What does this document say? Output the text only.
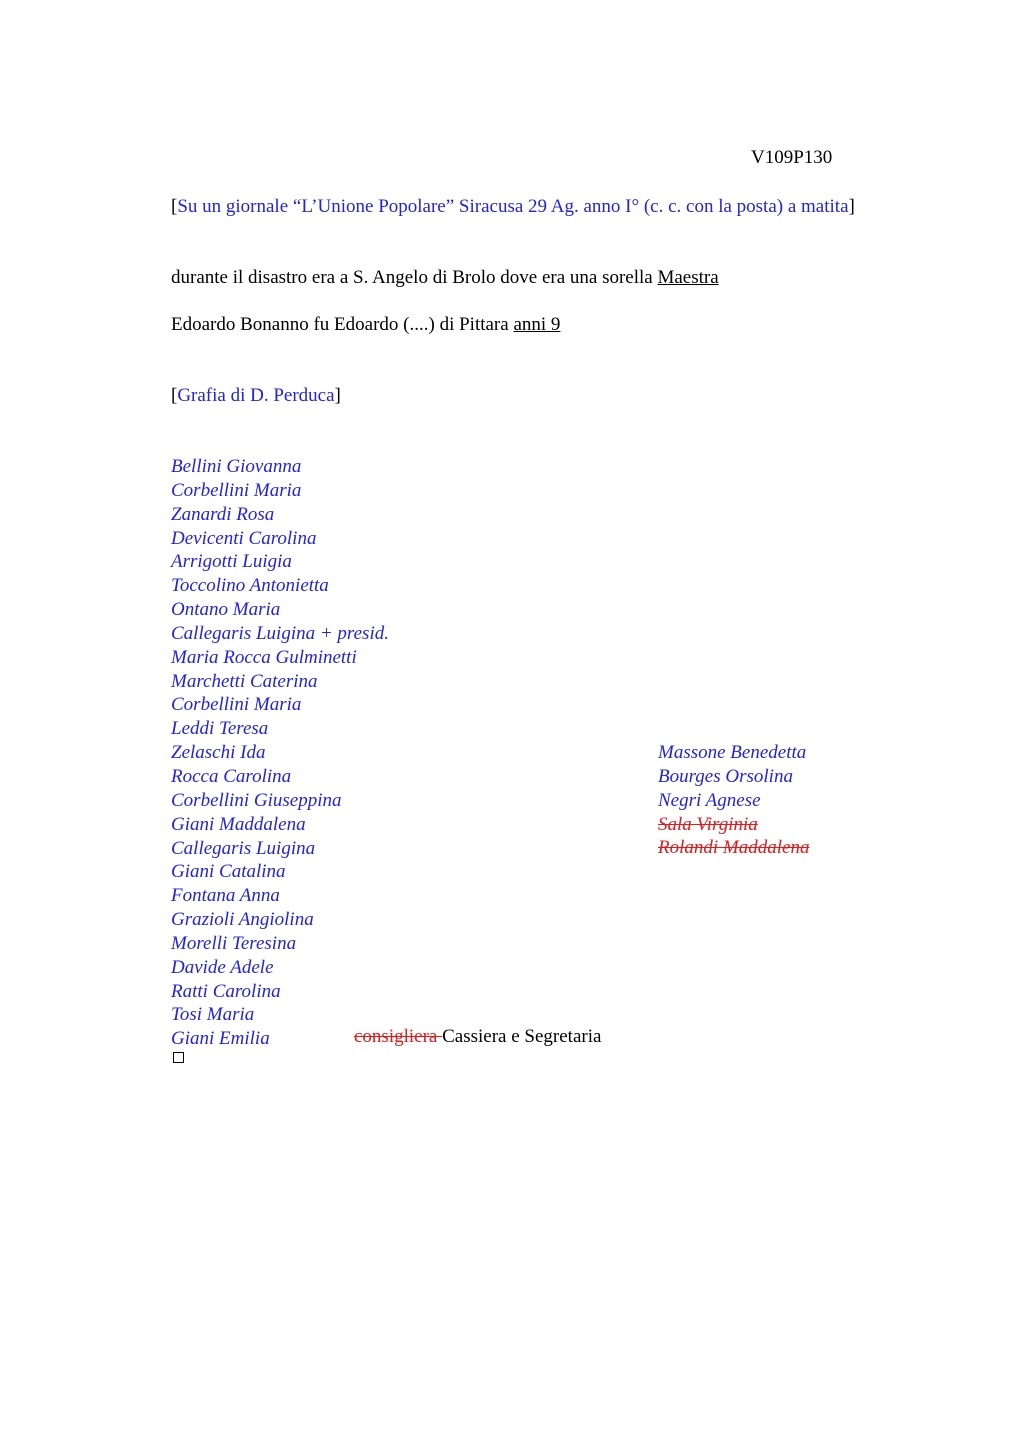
V109P130
[Su un giornale “L’Unione Popolare” Siracusa 29 Ag. anno I° (c. c. con la posta) a matita]
durante il disastro era a S. Angelo di Brolo dove era una sorella Maestra
Edoardo Bonanno fu Edoardo (....) di Pittara anni 9
[Grafia di D. Perduca]
Bellini Giovanna
Corbellini Maria
Zanardi Rosa
Devicenti Carolina
Arrigotti Luigia
Toccolino Antonietta
Ontano Maria
Callegaris Luigina + presid.
Maria Rocca Gulminetti
Marchetti Caterina
Corbellini Maria
Leddi Teresa
Zelaschi Ida
Rocca Carolina
Corbellini Giuseppina
Giani Maddalena
Callegaris Luigina
Giani Catalina
Fontana Anna
Grazioli Angiolina
Morelli Teresina
Davide Adele
Ratti Carolina
Tosi Maria
Giani Emilia
Massone Benedetta
Bourges Orsolina
Negri Agnese
Sala Virginia
Rolandi Maddalena
consigliera Cassiera e Segretaria
